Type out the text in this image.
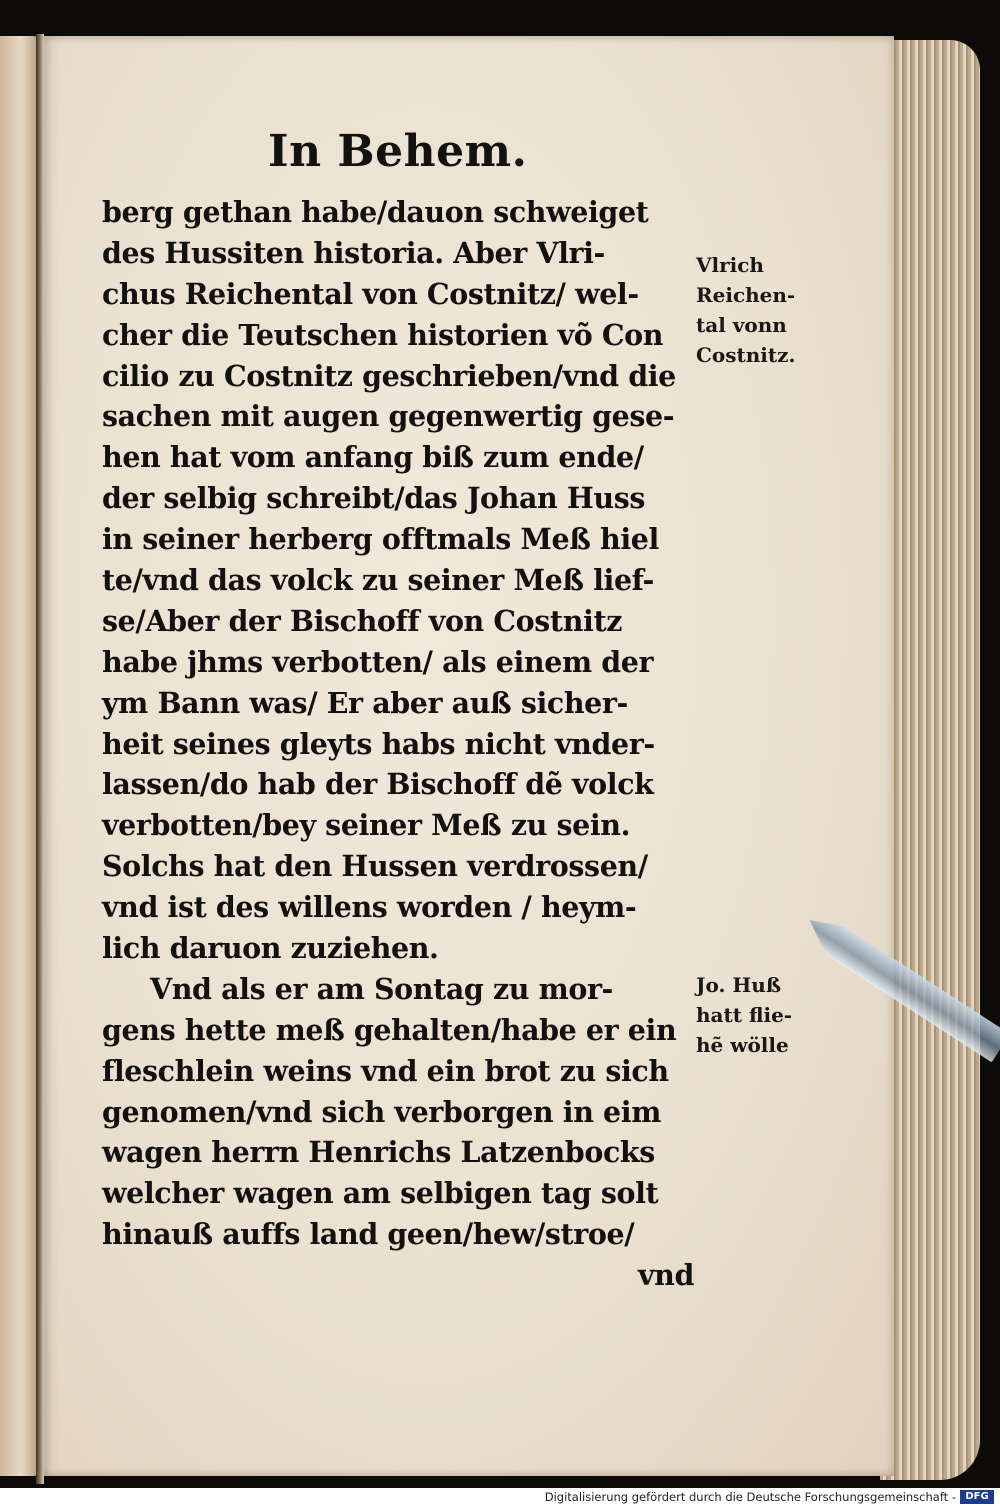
In Behem.
berg gethan habe/dauon schweiget
des Hussiten historia. Aber Vlri-
chus Reichental von Costnitz/ wel-
cher die Teutschen historien võ Con
cilio zu Costnitz geschrieben/vnd die
sachen mit augen gegenwertig gese-
hen hat vom anfang biß zum ende/
der selbig schreibt/das Johan Huss
in seiner herberg offtmals Meß hiel
te/vnd das volck zu seiner Meß lief-
se/Aber der Bischoff von Costnitz
habe jhms verbotten/ als einem der
ym Bann was/ Er aber auß sicher-
heit seines gleyts habs nicht vnder-
lassen/do hab der Bischoff dẽ volck
verbotten/bey seiner Meß zu sein.
Solchs hat den Hussen verdrossen/
vnd ist des willens worden / heym-
lich daruon zuziehen.
Vnd als er am Sontag zu mor-
gens hette meß gehalten/habe er ein
fleschlein weins vnd ein brot zu sich
genomen/vnd sich verborgen in eim
wagen herrn Henrichs Latzenbocks
welcher wagen am selbigen tag solt
hinauß auffs land geen/hew/stroe/
vnd
Vlrich
Reichen-
tal vonn
Costnitz.
Jo. Huß
hatt flie-
hẽ wölle
Digitalisierung gefördert durch die Deutsche Forschungsgemeinschaft - DFG
